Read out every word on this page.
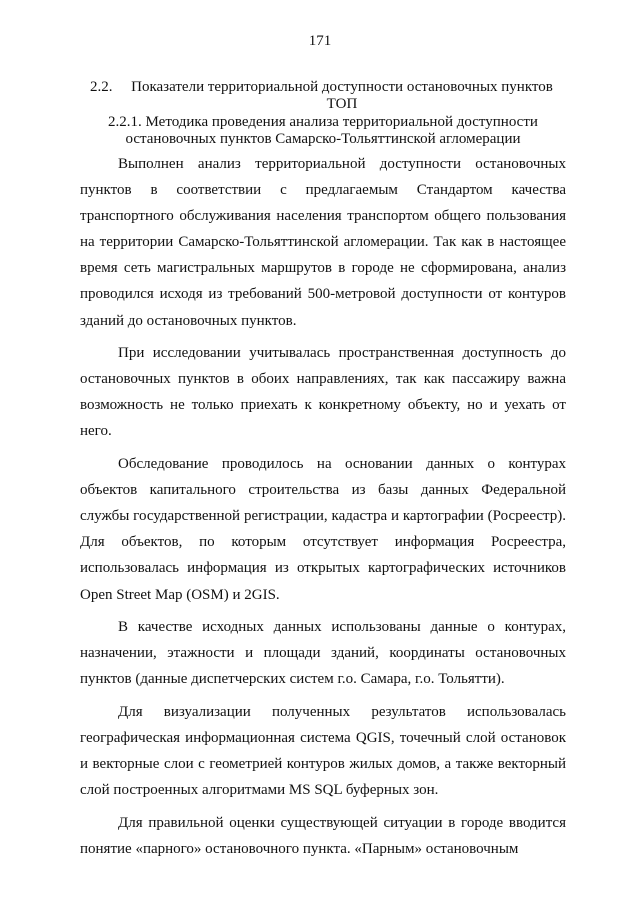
171
2.2.	Показатели территориальной доступности остановочных пунктов ТОП
2.2.1. Методика проведения анализа территориальной доступности остановочных пунктов Самарско-Тольяттинской агломерации

Выполнен анализ территориальной доступности остановочных пунктов в соответствии с предлагаемым Стандартом качества транспортного обслуживания населения транспортом общего пользования на территории Самарско-Тольяттинской агломерации. Так как в настоящее время сеть магистральных маршрутов в городе не сформирована, анализ проводился исходя из требований 500-метровой доступности от контуров зданий до остановочных пунктов.

При исследовании учитывалась пространственная доступность до остановочных пунктов в обоих направлениях, так как пассажиру важна возможность не только приехать к конкретному объекту, но и уехать от него.

Обследование проводилось на основании данных о контурах объектов капитального строительства из базы данных Федеральной службы государственной регистрации, кадастра и картографии (Росреестр). Для объектов, по которым отсутствует информация Росреестра, использовалась информация из открытых картографических источников Open Street Map (OSM) и 2GIS.

В качестве исходных данных использованы данные о контурах, назначении, этажности и площади зданий, координаты остановочных пунктов (данные диспетчерских систем г.о. Самара, г.о. Тольятти).

Для визуализации полученных результатов использовалась географическая информационная система QGIS, точечный слой остановок и векторные слои с геометрией контуров жилых домов, а также векторный слой построенных алгоритмами MS SQL буферных зон.

Для правильной оценки существующей ситуации в городе вводится понятие «парного» остановочного пункта. «Парным» остановочным
